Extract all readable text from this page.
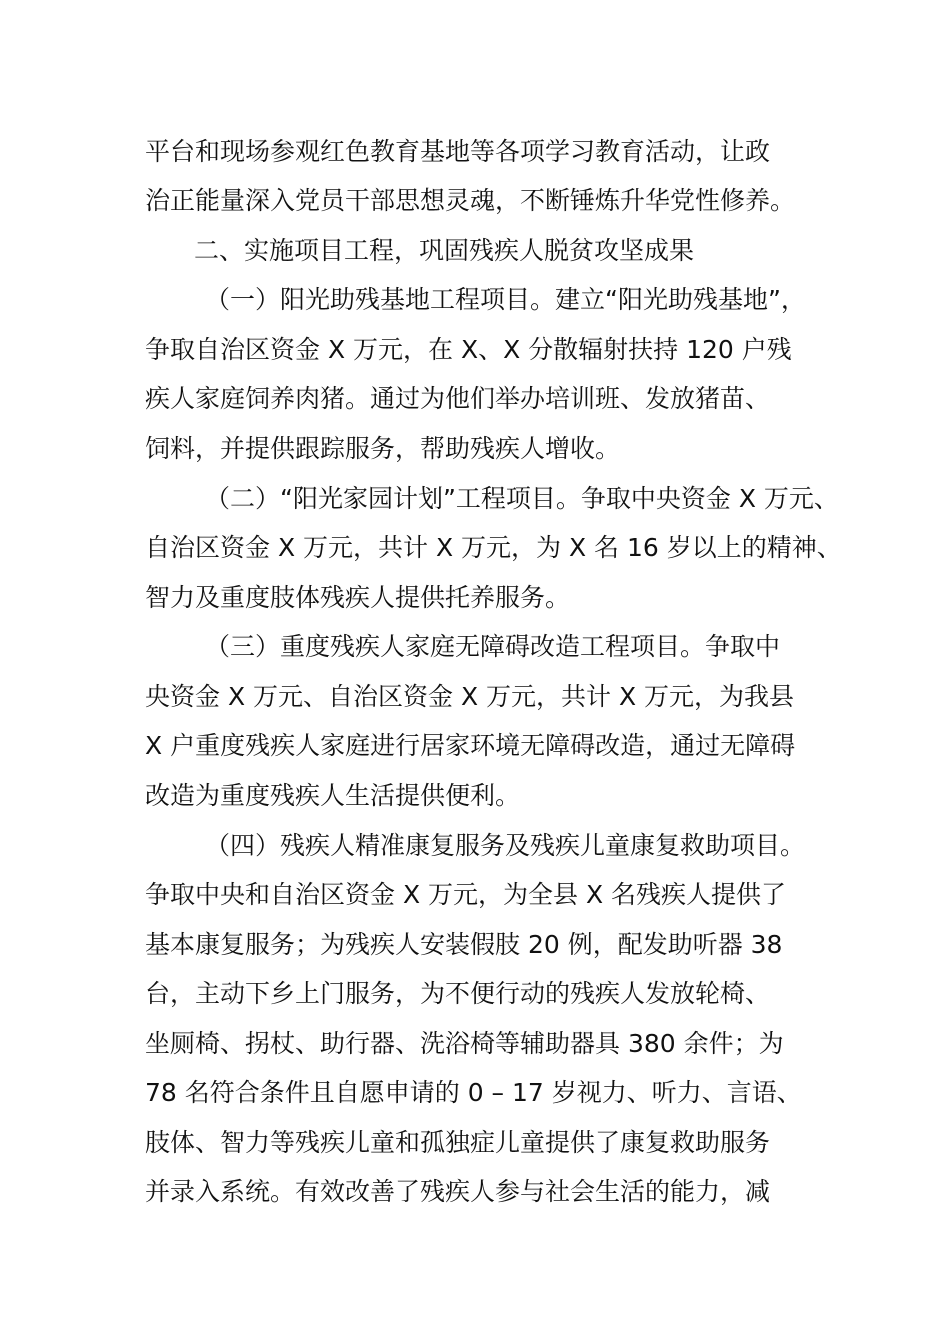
平台和现场参观红色教育基地等各项学习教育活动，让政
治正能量深入党员干部思想灵魂，不断锤炼升华党性修养。
二、实施项目工程，巩固残疾人脱贫攻坚成果
（一）阳光助残基地工程项目。建立“阳光助残基地”，
争取自治区资金 X 万元，在 X、X 分散辐射扶持 120 户残
疾人家庭饲养肉猪。通过为他们举办培训班、发放猪苗、
饲料，并提供跟踪服务，帮助残疾人增收。
（二）“阳光家园计划”工程项目。争取中央资金 X 万元、
自治区资金 X 万元，共计 X 万元，为 X 名 16 岁以上的精神、
智力及重度肢体残疾人提供托养服务。
（三）重度残疾人家庭无障碍改造工程项目。争取中
央资金 X 万元、自治区资金 X 万元，共计 X 万元，为我县
X 户重度残疾人家庭进行居家环境无障碍改造，通过无障碍
改造为重度残疾人生活提供便利。
（四）残疾人精准康复服务及残疾儿童康复救助项目。
争取中央和自治区资金 X 万元，为全县 X 名残疾人提供了
基本康复服务；为残疾人安装假肢 20 例，配发助听器 38
台，主动下乡上门服务，为不便行动的残疾人发放轮椅、
坐厕椅、拐杖、助行器、洗浴椅等辅助器具 380 余件；为
78 名符合条件且自愿申请的 0 – 17 岁视力、听力、言语、
肢体、智力等残疾儿童和孤独症儿童提供了康复救助服务
并录入系统。有效改善了残疾人参与社会生活的能力，减
